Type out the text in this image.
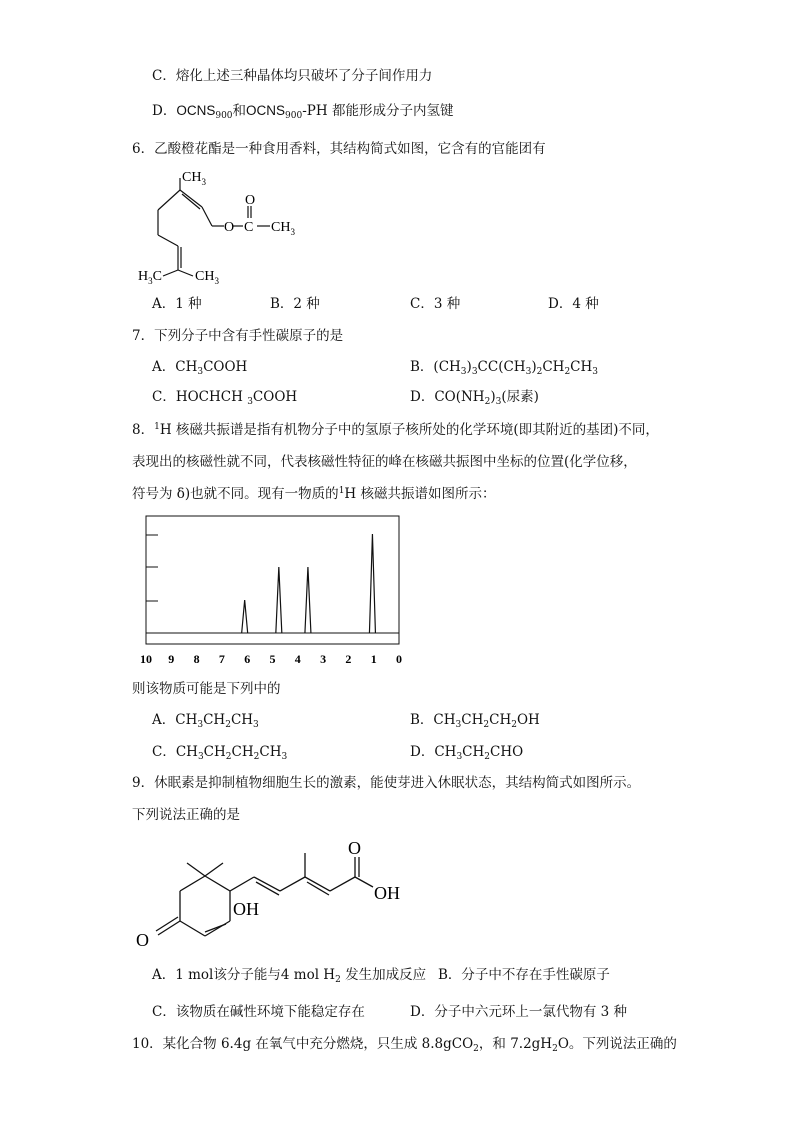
C．熔化上述三种晶体均只破坏了分子间作用力
D．$OCNS_{900}$和$OCNS_{900}-PH$ 都能形成分子内氢键
6．乙酸橙花酯是一种食用香料，其结构简式如图，它含有的官能团有
$CH_3$
O
O
C $CH_3$
$H_3C$ $CH_3$
A．1 种	B．2 种	C．3 种	D．4 种
7．下列分子中含有手性碳原子的是
A．$CH_3COOH$	B．$(CH_3)_3CC(CH_3)_2CH_2CH_3$
C．HOCHCH $_3$COOH	D．$CO(NH_2)_3$(尿素)
8．$^1$H 核磁共振谱是指有机物分子中的氢原子核所处的化学环境(即其附近的基团)不同，
表现出的核磁性就不同，代表核磁性特征的峰在核磁共振图中坐标的位置(化学位移，
符号为 δ)也就不同。现有一物质的$^1$H 核磁共振谱如图所示：
10 9 8 7 6 5 4 3 2 1 0
则该物质可能是下列中的
A．$CH_3CH_2CH_3$	B．$CH_3CH_2CH_2OH$
C．$CH_3CH_2CH_2CH_3$	D．$CH_3CH_2CHO$
9．休眠素是抑制植物细胞生长的激素，能使芽进入休眠状态，其结构简式如图所示。
下列说法正确的是
O
OH
OH
O
A．1 mol该分子能与4 mol $H_2$ 发生加成反应 B．分子中不存在手性碳原子
C．该物质在碱性环境下能稳定存在	D．分子中六元环上一氯代物有 3 种
10．某化合物 6.4g 在氧气中充分燃烧，只生成 8.8gCO$_2$，和 $7.2gH_2O$。下列说法正确的
